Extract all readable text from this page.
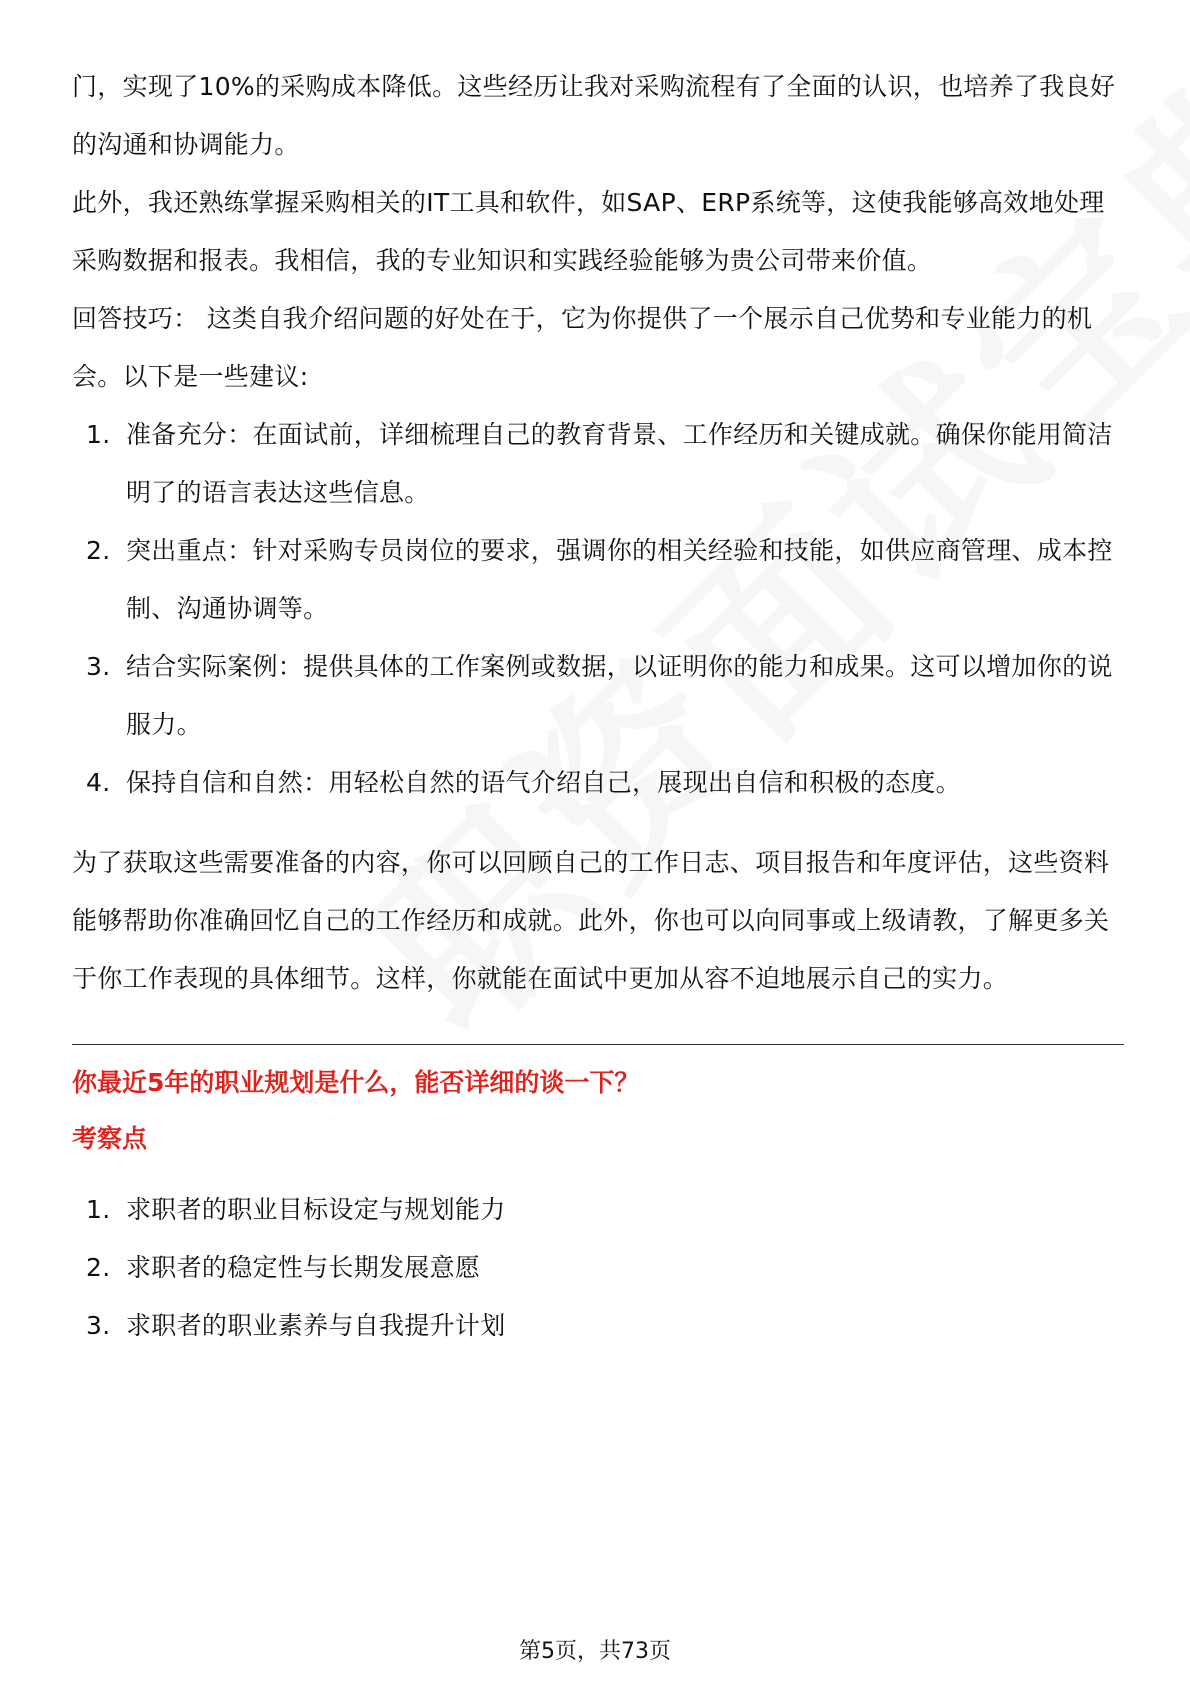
门，实现了10%的采购成本降低。这些经历让我对采购流程有了全面的认识，也培养了我良好的沟通和协调能力。

此外，我还熟练掌握采购相关的IT工具和软件，如SAP、ERP系统等，这使我能够高效地处理采购数据和报表。我相信，我的专业知识和实践经验能够为贵公司带来价值。

回答技巧： 这类自我介绍问题的好处在于，它为你提供了一个展示自己优势和专业能力的机会。以下是一些建议:

1. 准备充分：在面试前，详细梳理自己的教育背景、工作经历和关键成就。确保你能用简洁明了的语言表达这些信息。
2. 突出重点：针对采购专员岗位的要求，强调你的相关经验和技能，如供应商管理、成本控制、沟通协调等。
3. 结合实际案例：提供具体的工作案例或数据，以证明你的能力和成果。这可以增加你的说服力。
4. 保持自信和自然：用轻松自然的语气介绍自己，展现出自信和积极的态度。

为了获取这些需要准备的内容，你可以回顾自己的工作日志、项目报告和年度评估，这些资料能够帮助你准确回忆自己的工作经历和成就。此外，你也可以向同事或上级请教，了解更多关于你工作表现的具体细节。这样，你就能在面试中更加从容不迫地展示自己的实力。

你最近5年的职业规划是什么，能否详细的谈一下？
考察点
1. 求职者的职业目标设定与规划能力
2. 求职者的稳定性与长期发展意愿
3. 求职者的职业素养与自我提升计划
第5页，共73页
